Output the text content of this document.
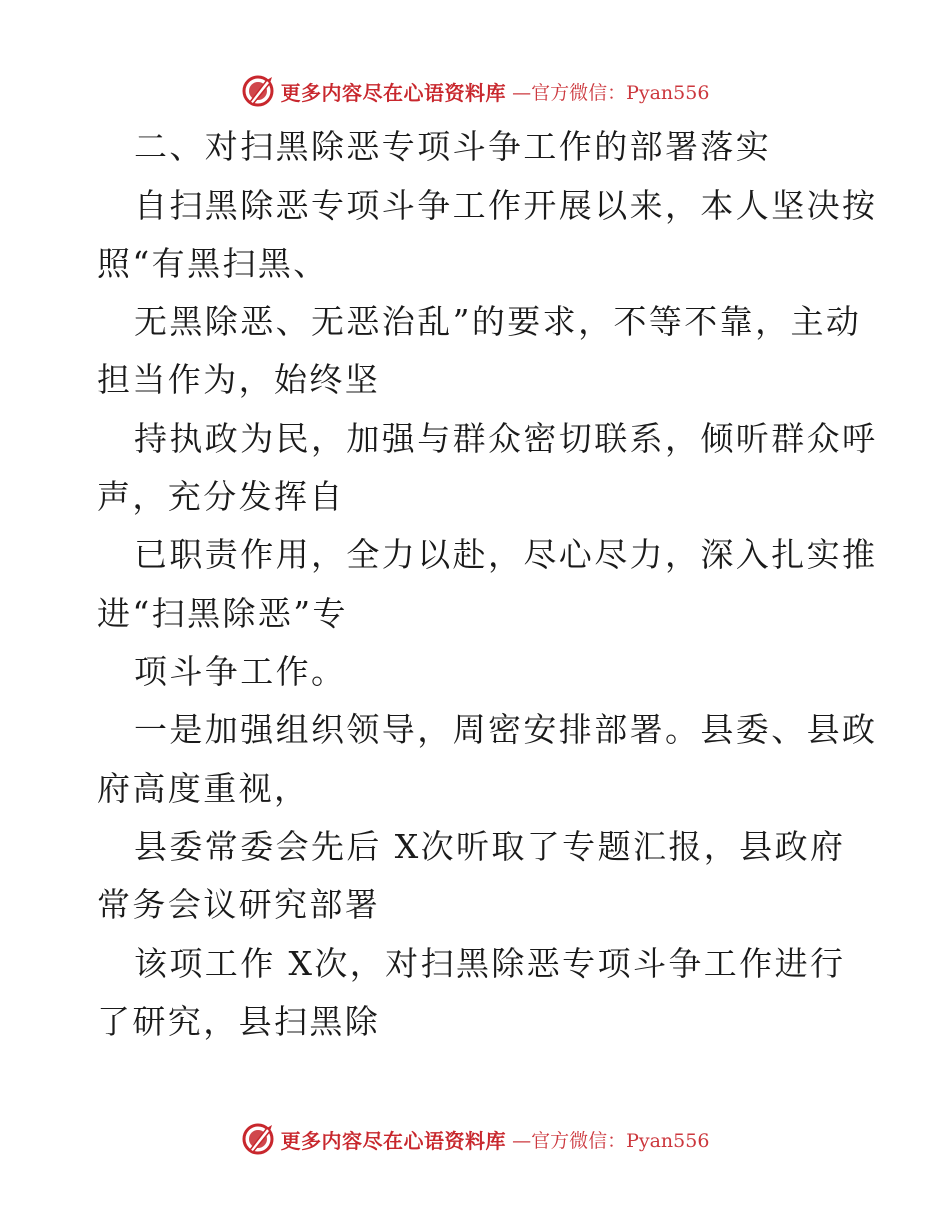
更多内容尽在心语资料库 —官方微信：Pyan556
二、对扫黑除恶专项斗争工作的部署落实
自扫黑除恶专项斗争工作开展以来，本人坚决按
照“有黑扫黑、
无黑除恶、无恶治乱”的要求，不等不靠，主动
担当作为，始终坚
持执政为民，加强与群众密切联系，倾听群众呼
声，充分发挥自
已职责作用，全力以赴，尽心尽力，深入扎实推
进“扫黑除恶”专
项斗争工作。
一是加强组织领导，周密安排部署。县委、县政
府高度重视，
县委常委会先后 X次听取了专题汇报，县政府
常务会议研究部署
该项工作 X次，对扫黑除恶专项斗争工作进行
了研究，县扫黑除
更多内容尽在心语资料库 —官方微信：Pyan556
